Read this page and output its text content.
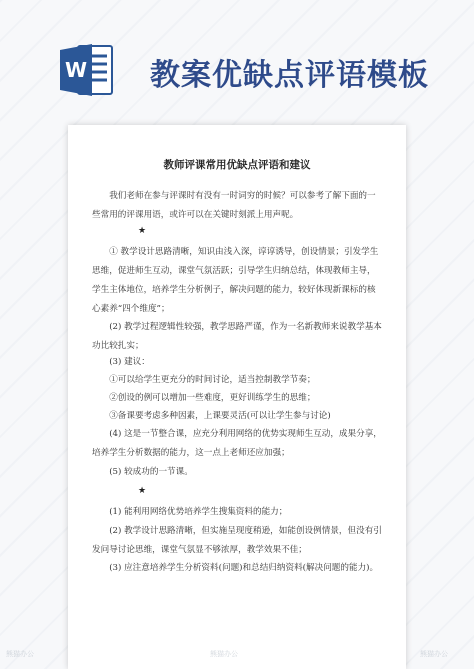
W 教案优缺点评语模板
教师评课常用优缺点评语和建议
我们老师在参与评课时有没有一时词穷的时候？可以参考了解下面的一些常用的评课用语，或许可以在关键时刻派上用声呢。
★
① 教学设计思路清晰，知识由浅入深，谆谆诱导，创设情景；引发学生思维，促进师生互动，课堂气氛活跃；引导学生归纳总结，体现教师主导，学生主体地位，培养学生分析例子，解决问题的能力，较好体现新课标的核心素养“四个维度”；
(2) 教学过程逻辑性较强，教学思路严谨，作为一名新教师来说教学基本功比较扎实；
(3) 建议：
①可以给学生更充分的时间讨论，适当控制教学节奏；
②创设的例可以增加一些难度，更好训练学生的思维；
③备课要考虑多种因素，上课要灵活(可以让学生参与讨论)
(4) 这是一节整合课，应充分利用网络的优势实现师生互动，成果分享，培养学生分析数据的能力，这一点上老师还应加强；
(5) 较成功的一节课。
★
(1) 能利用网络优势培养学生搜集资料的能力；
(2) 教学设计思路清晰，但实施呈现度稍逊，如能创设例情景，但没有引发问导讨论思维，课堂气氛显不够浓厚，教学效果不佳；
(3) 应注意培养学生分析资料(问题)和总结归纳资料(解决问题的能力)。
熊猫办公	熊猫办公	熊猫办公
